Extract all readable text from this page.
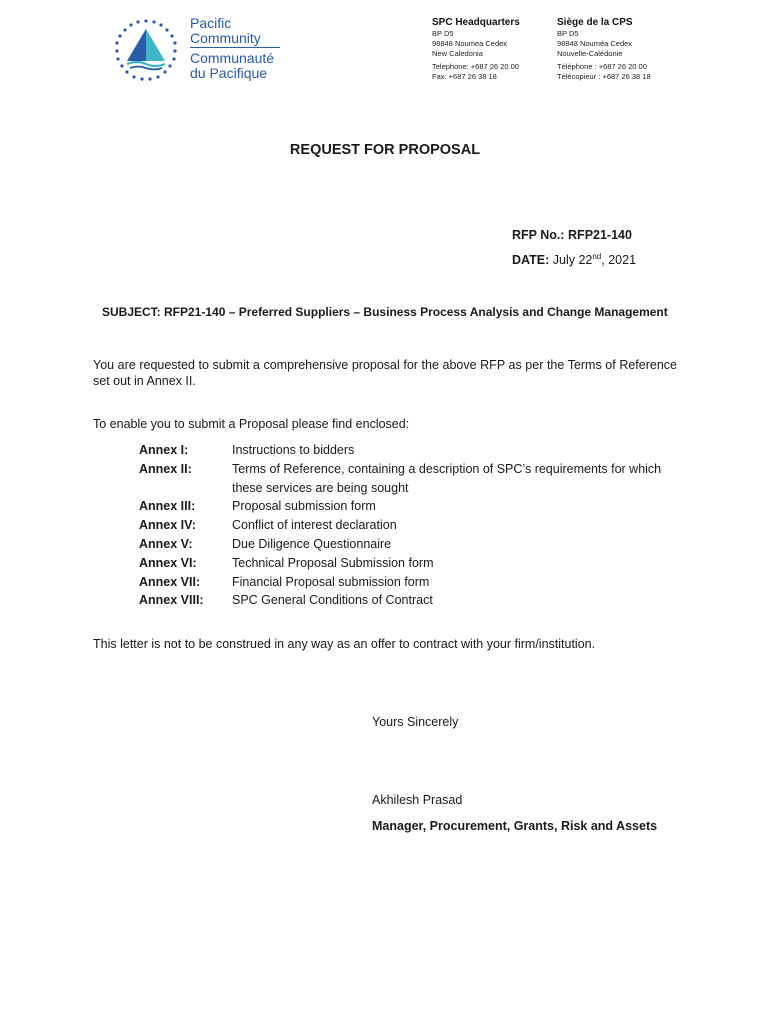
Pacific
Community
Communauté
du Pacifique
SPC Headquarters
BP D5
98848 Noumea Cedex
New Caledonia
Telephone: +687 26 20 00
Fax: +687 26 38 18
Siège de la CPS
BP D5
98848 Nouméa Cedex
Nouvelle-Calédonie
Téléphone : +687 26 20 00
Télécopieur : +687 26 38 18
REQUEST FOR PROPOSAL
RFP No.: RFP21-140
DATE: July 22nd, 2021
SUBJECT: RFP21-140 – Preferred Suppliers – Business Process Analysis and Change Management
You are requested to submit a comprehensive proposal for the above RFP as per the Terms of Reference set out in Annex II.
To enable you to submit a Proposal please find enclosed:
Annex I:	Instructions to bidders
Annex II:	Terms of Reference, containing a description of SPC’s requirements for which
these services are being sought
Annex III:	Proposal submission form
Annex IV:	Conflict of interest declaration
Annex V:	Due Diligence Questionnaire
Annex VI:	Technical Proposal Submission form
Annex VII:	Financial Proposal submission form
Annex VIII:	SPC General Conditions of Contract
This letter is not to be construed in any way as an offer to contract with your firm/institution.
Yours Sincerely
Akhilesh Prasad
Manager, Procurement, Grants, Risk and Assets
